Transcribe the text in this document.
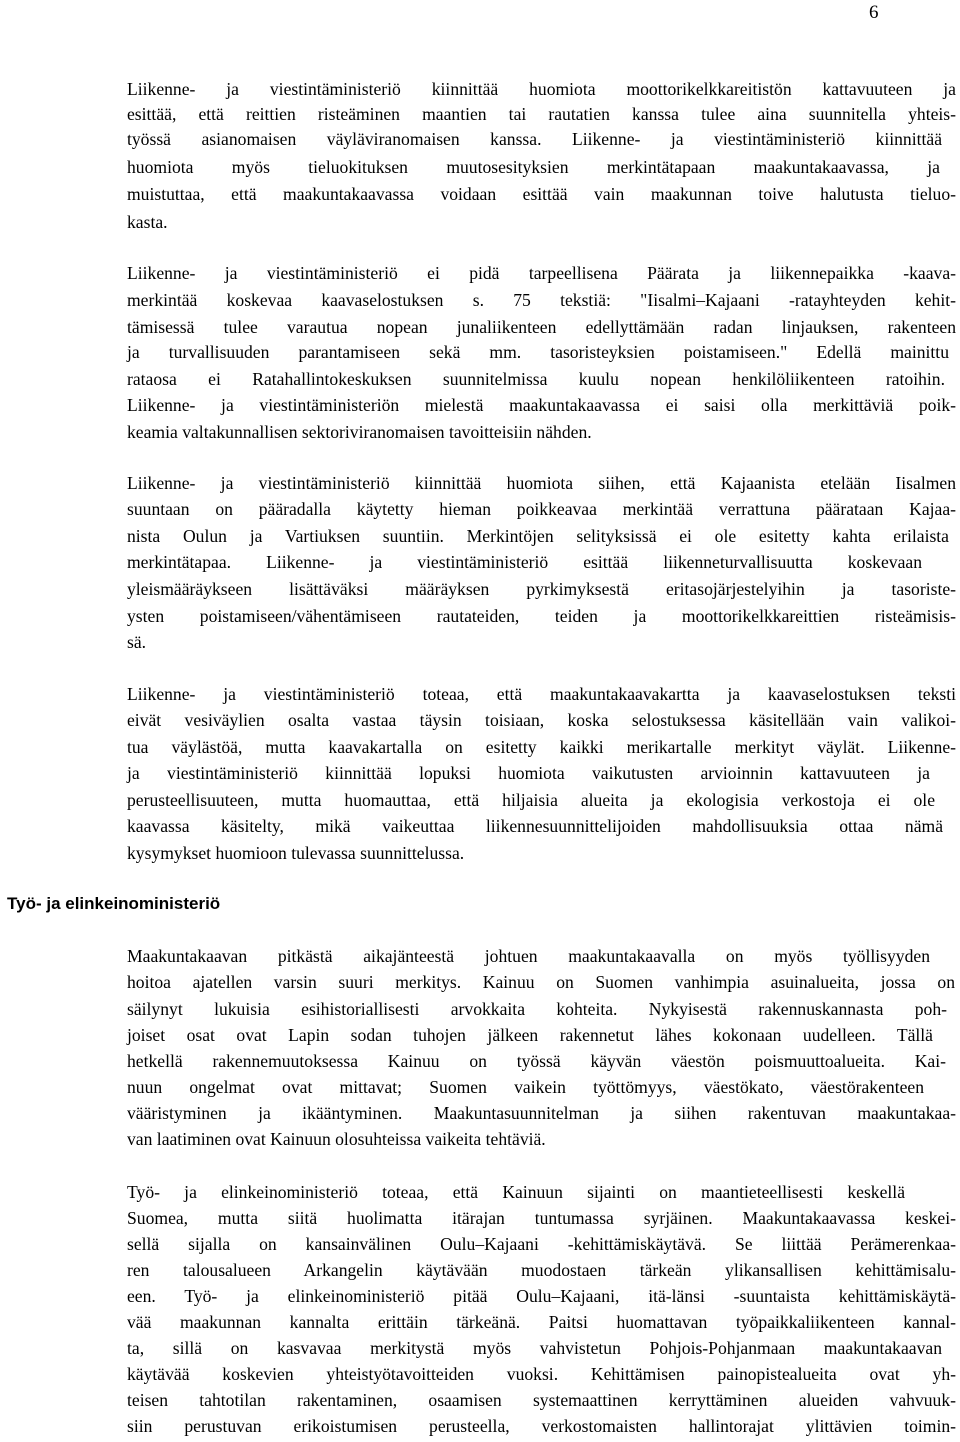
6
Työ- ja elinkeinoministeriö
Liikenne- ja viestintäministeriö kiinnittää huomiota moottorikelkkareitistön kattavuuteen ja
esittää, että reittien risteäminen maantien tai rautatien kanssa tulee aina suunnitella yhteis-
työssä asianomaisen väyläviranomaisen kanssa. Liikenne- ja viestintäministeriö kiinnittää
huomiota myös tieluokituksen muutosesityksien merkintätapaan maakuntakaavassa, ja
muistuttaa, että maakuntakaavassa voidaan esittää vain maakunnan toive halutusta tieluo-
kasta.
Liikenne- ja viestintäministeriö ei pidä tarpeellisena Päärata ja liikennepaikka -kaava-
merkintää koskevaa kaavaselostuksen s. 75 tekstiä: "Iisalmi–Kajaani -ratayhteyden kehit-
tämisessä tulee varautua nopean junaliikenteen edellyttämään radan linjauksen, rakenteen
ja turvallisuuden parantamiseen sekä mm. tasoristeyksien poistamiseen." Edellä mainittu
rataosa ei Ratahallintokeskuksen suunnitelmissa kuulu nopean henkilöliikenteen ratoihin.
Liikenne- ja viestintäministeriön mielestä maakuntakaavassa ei saisi olla merkittäviä poik-
keamia valtakunnallisen sektoriviranomaisen tavoitteisiin nähden.
Liikenne- ja viestintäministeriö kiinnittää huomiota siihen, että Kajaanista etelään Iisalmen
suuntaan on pääradalla käytetty hieman poikkeavaa merkintää verrattuna päärataan Kajaa-
nista Oulun ja Vartiuksen suuntiin. Merkintöjen selityksissä ei ole esitetty kahta erilaista
merkintätapaa. Liikenne- ja viestintäministeriö esittää liikenneturvallisuutta koskevaan
yleismääräykseen lisättäväksi määräyksen pyrkimyksestä eritasojärjestelyihin ja tasoriste-
ysten poistamiseen/vähentämiseen rautateiden, teiden ja moottorikelkkareittien risteämisis-
sä.
Liikenne- ja viestintäministeriö toteaa, että maakuntakaavakartta ja kaavaselostuksen teksti
eivät vesiväylien osalta vastaa täysin toisiaan, koska selostuksessa käsitellään vain valikoi-
tua väylästöä, mutta kaavakartalla on esitetty kaikki merikartalle merkityt väylät. Liikenne-
ja viestintäministeriö kiinnittää lopuksi huomiota vaikutusten arvioinnin kattavuuteen ja
perusteellisuuteen, mutta huomauttaa, että hiljaisia alueita ja ekologisia verkostoja ei ole
kaavassa käsitelty, mikä vaikeuttaa liikennesuunnittelijoiden mahdollisuuksia ottaa nämä
kysymykset huomioon tulevassa suunnittelussa.
Maakuntakaavan pitkästä aikajänteestä johtuen maakuntakaavalla on myös työllisyyden
hoitoa ajatellen varsin suuri merkitys. Kainuu on Suomen vanhimpia asuinalueita, jossa on
säilynyt lukuisia esihistoriallisesti arvokkaita kohteita. Nykyisestä rakennuskannasta poh-
joiset osat ovat Lapin sodan tuhojen jälkeen rakennetut lähes kokonaan uudelleen. Tällä
hetkellä rakennemuutoksessa Kainuu on työssä käyvän väestön poismuuttoalueita. Kai-
nuun ongelmat ovat mittavat; Suomen vaikein työttömyys, väestökato, väestörakenteen
vääristyminen ja ikääntyminen. Maakuntasuunnitelman ja siihen rakentuvan maakuntakaa-
van laatiminen ovat Kainuun olosuhteissa vaikeita tehtäviä.
Työ- ja elinkeinoministeriö toteaa, että Kainuun sijainti on maantieteellisesti keskellä
Suomea, mutta siitä huolimatta itärajan tuntumassa syrjäinen. Maakuntakaavassa keskei-
sellä sijalla on kansainvälinen Oulu–Kajaani -kehittämiskäytävä. Se liittää Perämerenkaa-
ren talousalueen Arkangelin käytävään muodostaen tärkeän ylikansallisen kehittämisalu-
een. Työ- ja elinkeinoministeriö pitää Oulu–Kajaani, itä-länsi -suuntaista kehittämiskäytä-
vää maakunnan kannalta erittäin tärkeänä. Paitsi huomattavan työpaikkaliikenteen kannal-
ta, sillä on kasvavaa merkitystä myös vahvistetun Pohjois-Pohjanmaan maakuntakaavan
käytävää koskevien yhteistyötavoitteiden vuoksi. Kehittämisen painopistealueita ovat yh-
teisen tahtotilan rakentaminen, osaamisen systemaattinen kerryttäminen alueiden vahvuuk-
siin perustuvan erikoistumisen perusteella, verkostomaisten hallintorajat ylittävien toimin-
